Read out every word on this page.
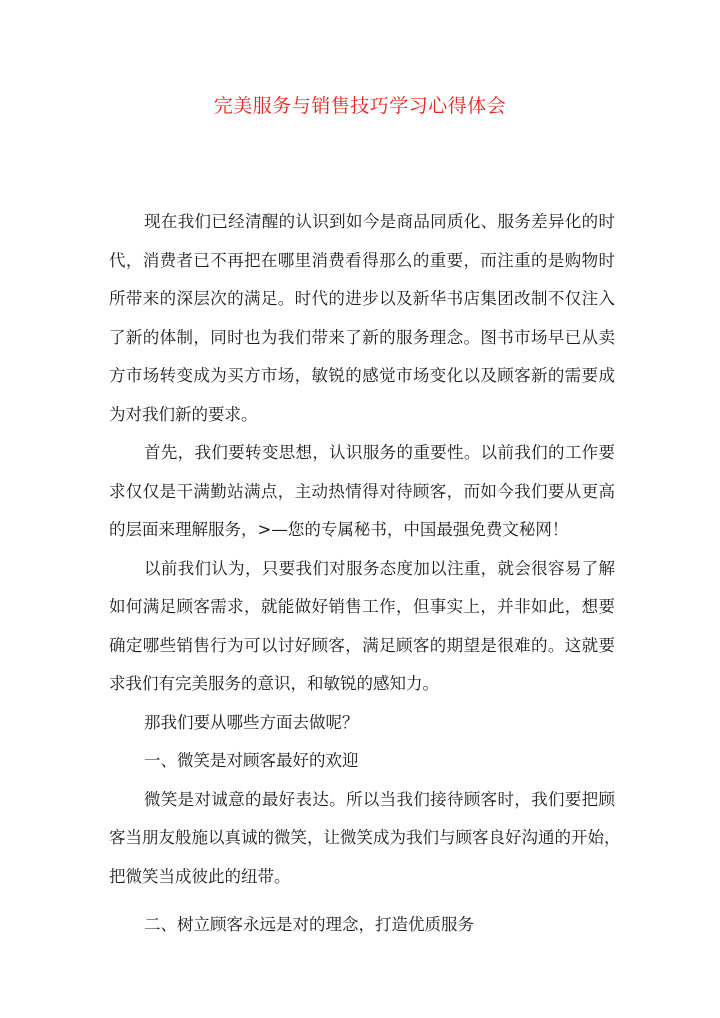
完美服务与销售技巧学习心得体会
现在我们已经清醒的认识到如今是商品同质化、服务差异化的时
代，消费者已不再把在哪里消费看得那么的重要，而注重的是购物时
所带来的深层次的满足。时代的进步以及新华书店集团改制不仅注入
了新的体制，同时也为我们带来了新的服务理念。图书市场早已从卖
方市场转变成为买方市场，敏锐的感觉市场变化以及顾客新的需要成
为对我们新的要求。
首先，我们要转变思想，认识服务的重要性。以前我们的工作要
求仅仅是干满勤站满点，主动热情得对待顾客，而如今我们要从更高
的层面来理解服务，>—您的专属秘书，中国最强免费文秘网！
以前我们认为，只要我们对服务态度加以注重，就会很容易了解
如何满足顾客需求，就能做好销售工作，但事实上，并非如此，想要
确定哪些销售行为可以讨好顾客，满足顾客的期望是很难的。这就要
求我们有完美服务的意识，和敏锐的感知力。
那我们要从哪些方面去做呢？
一、微笑是对顾客最好的欢迎
微笑是对诚意的最好表达。所以当我们接待顾客时，我们要把顾
客当朋友般施以真诚的微笑，让微笑成为我们与顾客良好沟通的开始，
把微笑当成彼此的纽带。
二、树立顾客永远是对的理念，打造优质服务
